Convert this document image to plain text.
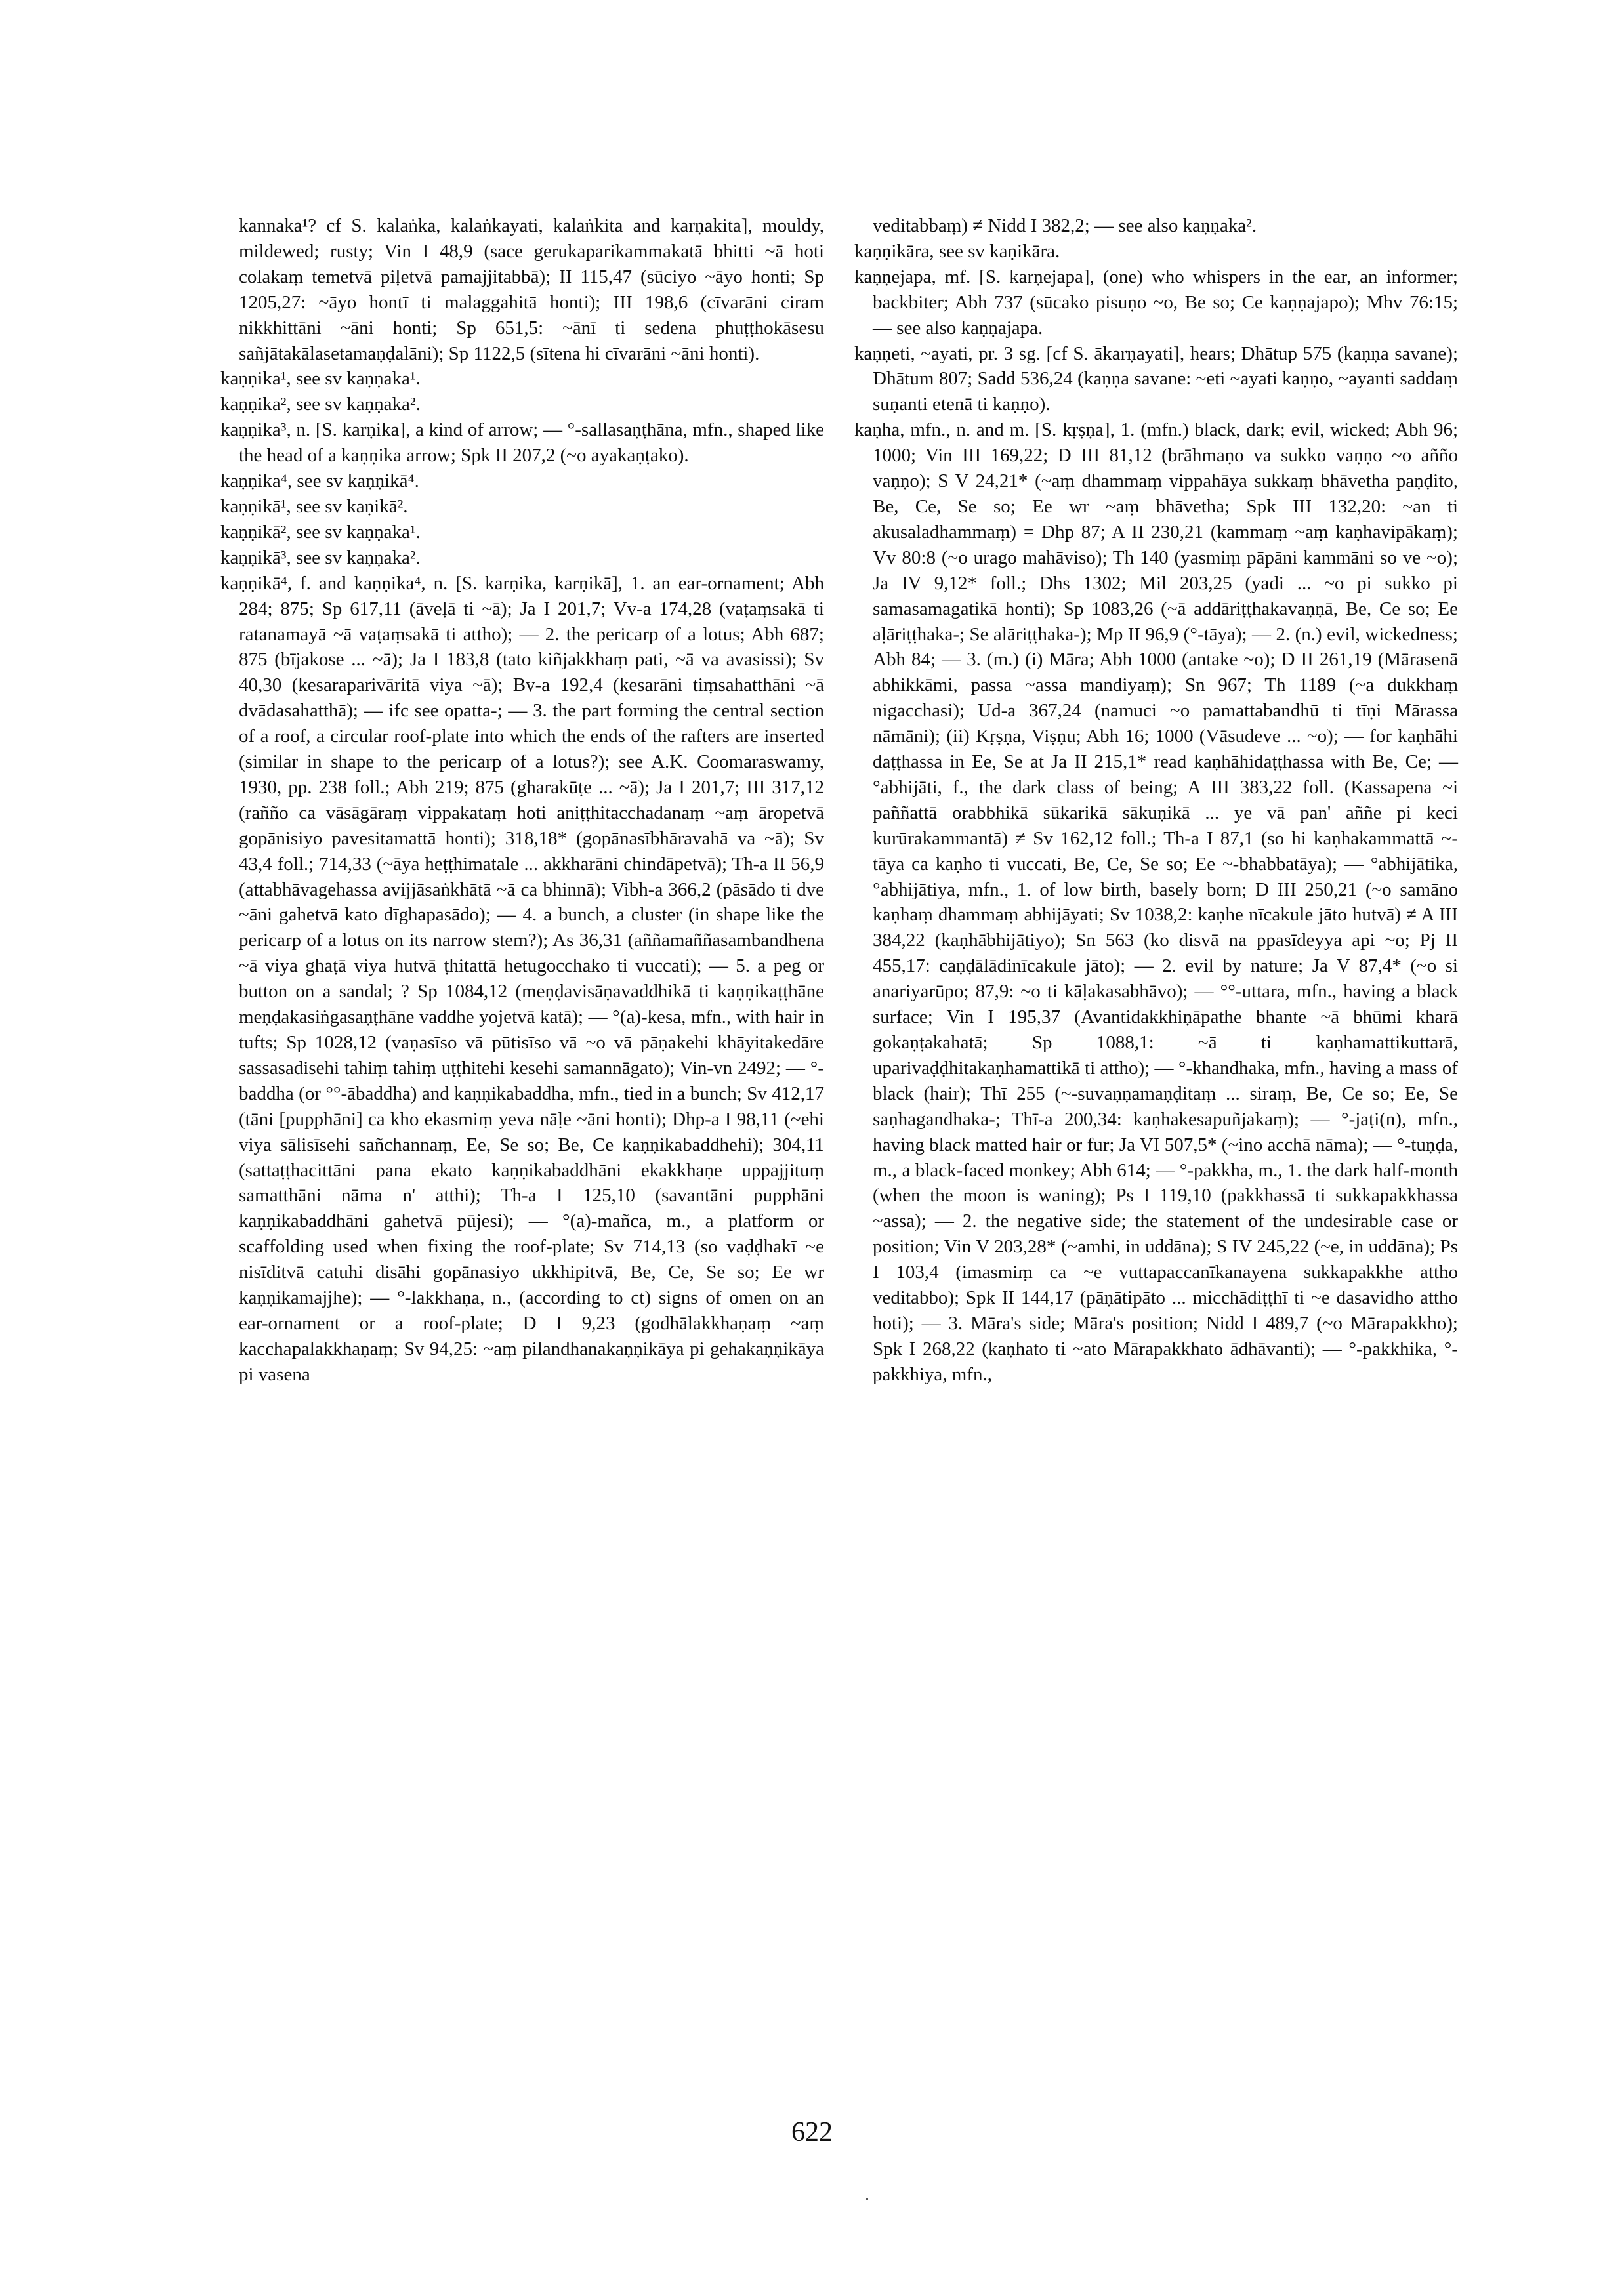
kannaka¹? cf S. kalaṅka, kalaṅkayati, kalaṅkita and karṇakita], mouldy, mildewed; rusty; Vin I 48,9 (sace gerukaparikammakatā bhitti ~ā hoti colakaṃ temetvā piḷetvā pamajjitabbā); II 115,47 (sūciyo ~āyo honti; Sp 1205,27: ~āyo hontī ti malaggahitā honti); III 198,6 (cīvarāni ciram nikkhittāni ~āni honti; Sp 651,5: ~ānī ti sedena phuṭṭhokāsesu sañjātakālasetamaṇḍalāni); Sp 1122,5 (sītena hi cīvarāni ~āni honti).

kaṇṇika¹, see sv kaṇṇaka¹.

kaṇṇika², see sv kaṇṇaka².

kaṇṇika³, n. [S. karṇika], a kind of arrow; — °-sallasaṇṭhāna, mfn., shaped like the head of a kaṇṇika arrow; Spk II 207,2 (~o ayakaṇṭako).

kaṇṇika⁴, see sv kaṇṇikā⁴.

kaṇṇikā¹, see sv kaṇikā².

kaṇṇikā², see sv kaṇṇaka¹.

kaṇṇikā³, see sv kaṇṇaka².

kaṇṇikā⁴, f. and kaṇṇika⁴, n. [S. karṇika, karṇikā], 1. an ear-ornament; Abh 284; 875; Sp 617,11 (āveḷā ti ~ā); Ja I 201,7; Vv-a 174,28 (vaṭaṃsakā ti ratanamayā ~ā vaṭaṃsakā ti attho); — 2. the pericarp of a lotus; Abh 687; 875 (bījakose ... ~ā); Ja I 183,8 (tato kiñjakkhaṃ pati, ~ā va avasissi); Sv 40,30 (kesaraparivāritā viya ~ā); Bv-a 192,4 (kesarāni tiṃsahatthāni ~ā dvādasahatthā); — ifc see opatta-; — 3. the part forming the central section of a roof, a circular roof-plate into which the ends of the rafters are inserted (similar in shape to the pericarp of a lotus?); see A.K. Coomaraswamy, 1930, pp. 238 foll.; Abh 219; 875 (gharakūṭe ... ~ā); Ja I 201,7; III 317,12 (rañño ca vāsāgāraṃ vippakataṃ hoti aniṭṭhitacchadanaṃ ~aṃ āropetvā gopānisiyo pavesitamattā honti); 318,18* (gopānasībhāravahā va ~ā); Sv 43,4 foll.; 714,33 (~āya heṭṭhimatale ... akkharāni chindāpetvā); Th-a II 56,9 (attabhāvagehassa avijjāsaṅkhātā ~ā ca bhinnā); Vibh-a 366,2 (pāsādo ti dve ~āni gahetvā kato dīghapasādo); — 4. a bunch, a cluster (in shape like the pericarp of a lotus on its narrow stem?); As 36,31 (aññamaññasambandhena ~ā viya ghaṭā viya hutvā ṭhitattā hetugocchako ti vuccati); — 5. a peg or button on a sandal; ? Sp 1084,12 (meṇḍavisāṇavaddhikā ti kaṇṇikaṭṭhāne meṇḍakasiṅgasaṇṭhāne vaddhe yojetvā katā); — °(a)-kesa, mfn., with hair in tufts; Sp 1028,12 (vaṇasīso vā pūtisīso vā ~o vā pāṇakehi khāyitakedāre sassasadisehi tahiṃ tahiṃ uṭṭhitehi kesehi samannāgato); Vin-vn 2492; — °-baddha (or °°-ābaddha) and kaṇṇikabaddha, mfn., tied in a bunch; Sv 412,17 (tāni [pupphāni] ca kho ekasmiṃ yeva nāḷe ~āni honti); Dhp-a I 98,11 (~ehi viya sālisīsehi sañchannaṃ, Ee, Se so; Be, Ce kaṇṇikabaddhehi); 304,11 (sattaṭṭhacittāni pana ekato kaṇṇikabaddhāni ekakkhaṇe uppajjituṃ samatthāni nāma n' atthi); Th-a I 125,10 (savantāni pupphāni kaṇṇikabaddhāni gahetvā pūjesi); — °(a)-mañca, m., a platform or scaffolding used when fixing the roof-plate; Sv 714,13 (so vaḍḍhakī ~e nisīditvā catuhi disāhi gopānasiyo ukkhipitvā, Be, Ce, Se so; Ee wr kaṇṇikamajjhe); — °-lakkhaṇa, n., (according to ct) signs of omen on an ear-ornament or a roof-plate; D I 9,23 (godhālakkhaṇaṃ ~aṃ kacchapalakkhaṇaṃ; Sv 94,25: ~aṃ pilandhanakaṇṇikāya pi gehakaṇṇikāya pi vasena

veditabbaṃ) ≠ Nidd I 382,2; — see also kaṇṇaka².

kaṇṇikāra, see sv kaṇikāra.

kaṇṇejapa, mf. [S. karṇejapa], (one) who whispers in the ear, an informer; backbiter; Abh 737 (sūcako pisuṇo ~o, Be so; Ce kaṇṇajapo); Mhv 76:15; — see also kaṇṇajapa.

kaṇṇeti, ~ayati, pr. 3 sg. [cf S. ākarṇayati], hears; Dhātup 575 (kaṇṇa savane); Dhātum 807; Sadd 536,24 (kaṇṇa savane: ~eti ~ayati kaṇṇo, ~ayanti saddaṃ suṇanti etenā ti kaṇṇo).

kaṇha, mfn., n. and m. [S. kṛṣṇa], 1. (mfn.) black, dark; evil, wicked; Abh 96; 1000; Vin III 169,22; D III 81,12 (brāhmaṇo va sukko vaṇṇo ~o añño vaṇṇo); S V 24,21* (~aṃ dhammaṃ vippahāya sukkaṃ bhāvetha paṇḍito, Be, Ce, Se so; Ee wr ~aṃ bhāvetha; Spk III 132,20: ~an ti akusaladhammaṃ) = Dhp 87; A II 230,21 (kammaṃ ~aṃ kaṇhavipākaṃ); Vv 80:8 (~o urago mahāviso); Th 140 (yasmiṃ pāpāni kammāni so ve ~o); Ja IV 9,12* foll.; Dhs 1302; Mil 203,25 (yadi ... ~o pi sukko pi samasamagatikā honti); Sp 1083,26 (~ā addāriṭṭhakavaṇṇā, Be, Ce so; Ee aḷāriṭṭhaka-; Se alāriṭṭhaka-); Mp II 96,9 (°-tāya); — 2. (n.) evil, wickedness; Abh 84; — 3. (m.) (i) Māra; Abh 1000 (antake ~o); D II 261,19 (Mārasenā abhikkāmi, passa ~assa mandiyaṃ); Sn 967; Th 1189 (~a dukkhaṃ nigacchasi); Ud-a 367,24 (namuci ~o pamattabandhū ti tīṇi Mārassa nāmāni); (ii) Kṛṣṇa, Viṣṇu; Abh 16; 1000 (Vāsudeve ... ~o); — for kaṇhāhi daṭṭhassa in Ee, Se at Ja II 215,1* read kaṇhāhidaṭṭhassa with Be, Ce; — °abhijāti, f., the dark class of being; A III 383,22 foll. (Kassapena ~i paññattā orabbhikā sūkarikā sākuṇikā ... ye vā pan' aññe pi keci kurūrakammantā) ≠ Sv 162,12 foll.; Th-a I 87,1 (so hi kaṇhakammattā ~-tāya ca kaṇho ti vuccati, Be, Ce, Se so; Ee ~-bhabbatāya); — °abhijātika, °abhijātiya, mfn., 1. of low birth, basely born; D III 250,21 (~o samāno kaṇhaṃ dhammaṃ abhijāyati; Sv 1038,2: kaṇhe nīcakule jāto hutvā) ≠ A III 384,22 (kaṇhābhijātiyo); Sn 563 (ko disvā na ppasīdeyya api ~o; Pj II 455,17: caṇḍālādinīcakule jāto); — 2. evil by nature; Ja V 87,4* (~o si anariyarūpo; 87,9: ~o ti kāḷakasabhāvo); — °°-uttara, mfn., having a black surface; Vin I 195,37 (Avantidakkhiṇāpathe bhante ~ā bhūmi kharā gokaṇṭakahatā; Sp 1088,1: ~ā ti kaṇhamattikuttarā, uparivaḍḍhitakaṇhamattikā ti attho); — °-khandhaka, mfn., having a mass of black (hair); Thī 255 (~-suvaṇṇamaṇḍitaṃ ... siraṃ, Be, Ce so; Ee, Se saṇhagandhaka-; Thī-a 200,34: kaṇhakesapuñjakaṃ); — °-jaṭi(n), mfn., having black matted hair or fur; Ja VI 507,5* (~ino acchā nāma); — °-tuṇḍa, m., a black-faced monkey; Abh 614; — °-pakkha, m., 1. the dark half-month (when the moon is waning); Ps I 119,10 (pakkhassā ti sukkapakkhassa ~assa); — 2. the negative side; the statement of the undesirable case or position; Vin V 203,28* (~amhi, in uddāna); S IV 245,22 (~e, in uddāna); Ps I 103,4 (imasmiṃ ca ~e vuttapaccanīkanayena sukkapakkhe attho veditabbo); Spk II 144,17 (pāṇātipāto ... micchādiṭṭhī ti ~e dasavidho attho hoti); — 3. Māra's side; Māra's position; Nidd I 489,7 (~o Mārapakkho); Spk I 268,22 (kaṇhato ti ~ato Mārapakkhato ādhāvanti); — °-pakkhika, °-pakkhiya, mfn.,

622
